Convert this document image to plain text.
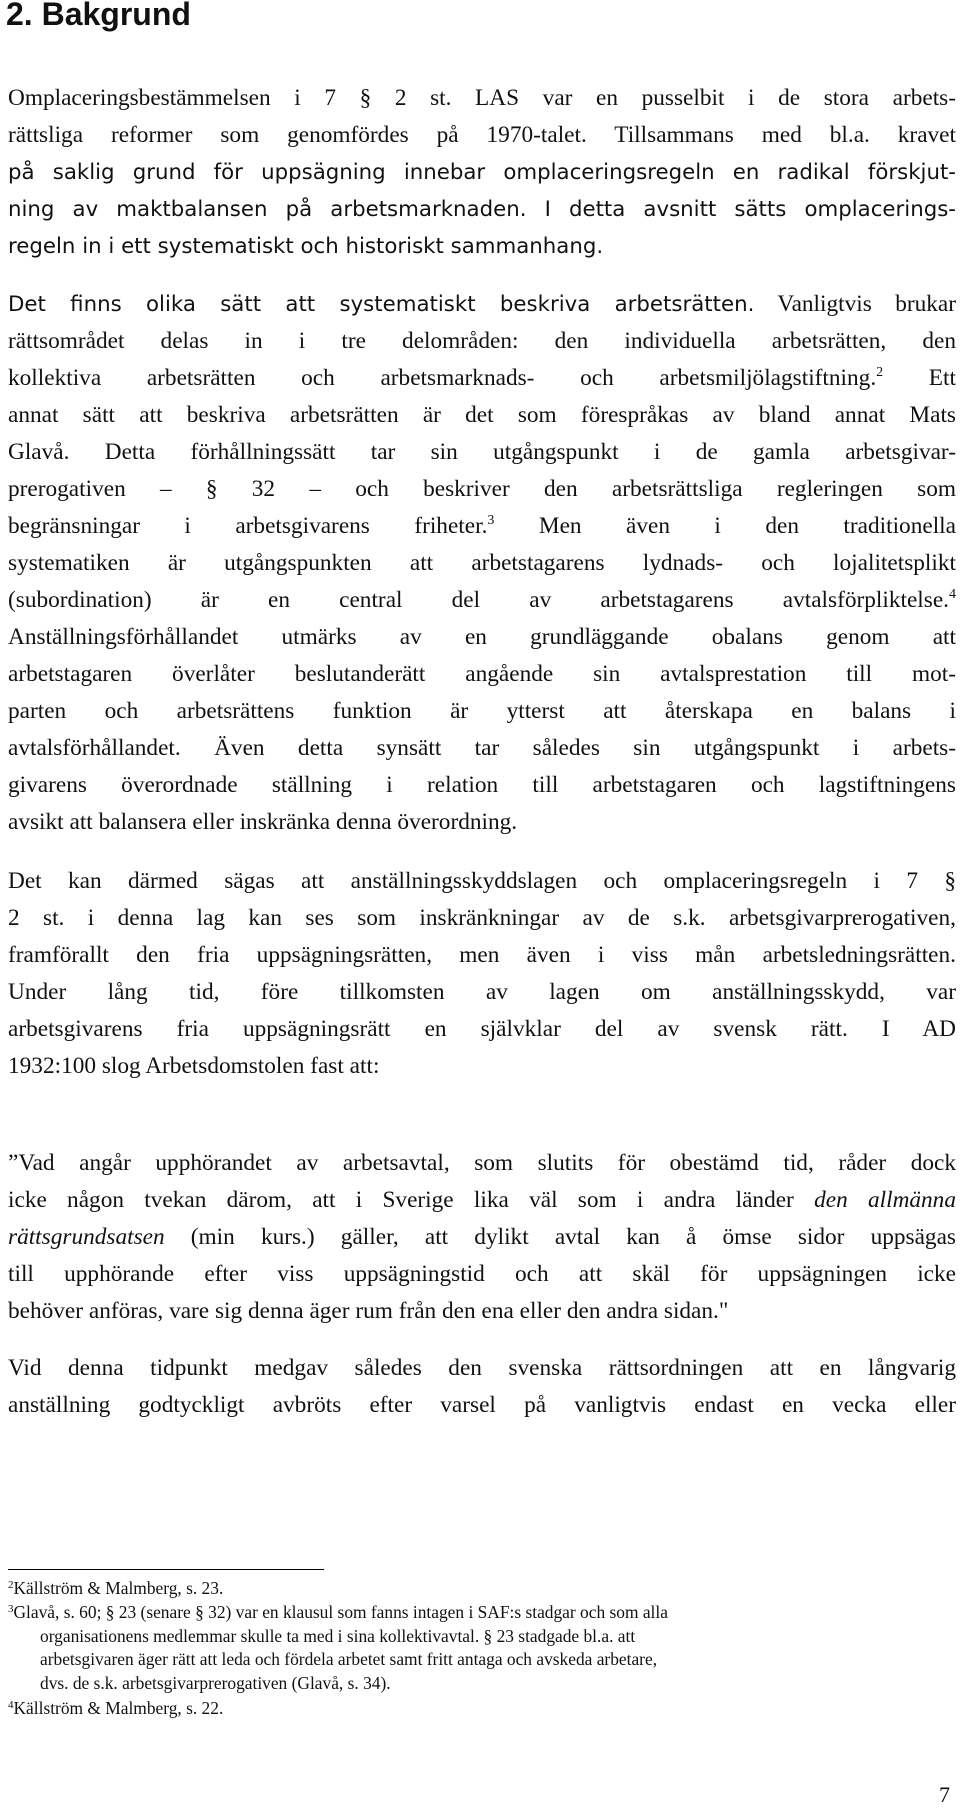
2. Bakgrund
Omplaceringsbestämmelsen i 7 § 2 st. LAS var en pusselbit i de stora arbets-
rättsliga reformer som genomfördes på 1970-talet. Tillsammans med bl.a. kravet
på saklig grund för uppsägning innebar omplaceringsregeln en radikal förskjut-
ning av maktbalansen på arbetsmarknaden. I detta avsnitt sätts omplacerings-
regeln in i ett systematiskt och historiskt sammanhang.
Det finns olika sätt att systematiskt beskriva arbetsrätten. Vanligtvis brukar
rättsområdet delas in i tre delområden: den individuella arbetsrätten, den
kollektiva arbetsrätten och arbetsmarknads- och arbetsmiljölagstiftning.$^2$ Ett
annat sätt att beskriva arbetsrätten är det som förespråkas av bland annat Mats
Glavå. Detta förhållningssätt tar sin utgångspunkt i de gamla arbetsgivar-
prerogativen – § 32 – och beskriver den arbetsrättsliga regleringen som
begränsningar i arbetsgivarens friheter.$^3$ Men även i den traditionella
systematiken är utgångspunkten att arbetstagarens lydnads- och lojalitetsplikt
(subordination) är en central del av arbetstagarens avtalsförpliktelse.$^4$
Anställningsförhållandet utmärks av en grundläggande obalans genom att
arbetstagaren överlåter beslutanderätt angående sin avtalsprestation till mot-
parten och arbetsrättens funktion är ytterst att återskapa en balans i
avtalsförhållandet. Även detta synsätt tar således sin utgångspunkt i arbets-
givarens överordnade ställning i relation till arbetstagaren och lagstiftningens
avsikt att balansera eller inskränka denna överordning.
Det kan därmed sägas att anställningsskyddslagen och omplaceringsregeln i 7 §
2 st. i denna lag kan ses som inskränkningar av de s.k. arbetsgivarprerogativen,
framförallt den fria uppsägningsrätten, men även i viss mån arbetsledningsrätten.
Under lång tid, före tillkomsten av lagen om anställningsskydd, var
arbetsgivarens fria uppsägningsrätt en självklar del av svensk rätt. I AD
1932:100 slog Arbetsdomstolen fast att:
”Vad angår upphörandet av arbetsavtal, som slutits för obestämd tid, råder dock
icke någon tvekan därom, att i Sverige lika väl som i andra länder den allmänna
rättsgrundsatsen (min kurs.) gäller, att dylikt avtal kan å ömse sidor uppsägas
till upphörande efter viss uppsägningstid och att skäl för uppsägningen icke
behöver anföras, vare sig denna äger rum från den ena eller den andra sidan."
Vid denna tidpunkt medgav således den svenska rättsordningen att en långvarig
anställning godtyckligt avbröts efter varsel på vanligtvis endast en vecka eller
$^2$Källström & Malmberg, s. 23.
$^3$Glavå, s. 60; § 23 (senare § 32) var en klausul som fanns intagen i SAF:s stadgar och som alla
organisationens medlemmar skulle ta med i sina kollektivavtal. § 23 stadgade bl.a. att
arbetsgivaren äger rätt att leda och fördela arbetet samt fritt antaga och avskeda arbetare,
dvs. de s.k. arbetsgivarprerogativen (Glavå, s. 34).
$^4$Källström & Malmberg, s. 22.
7
